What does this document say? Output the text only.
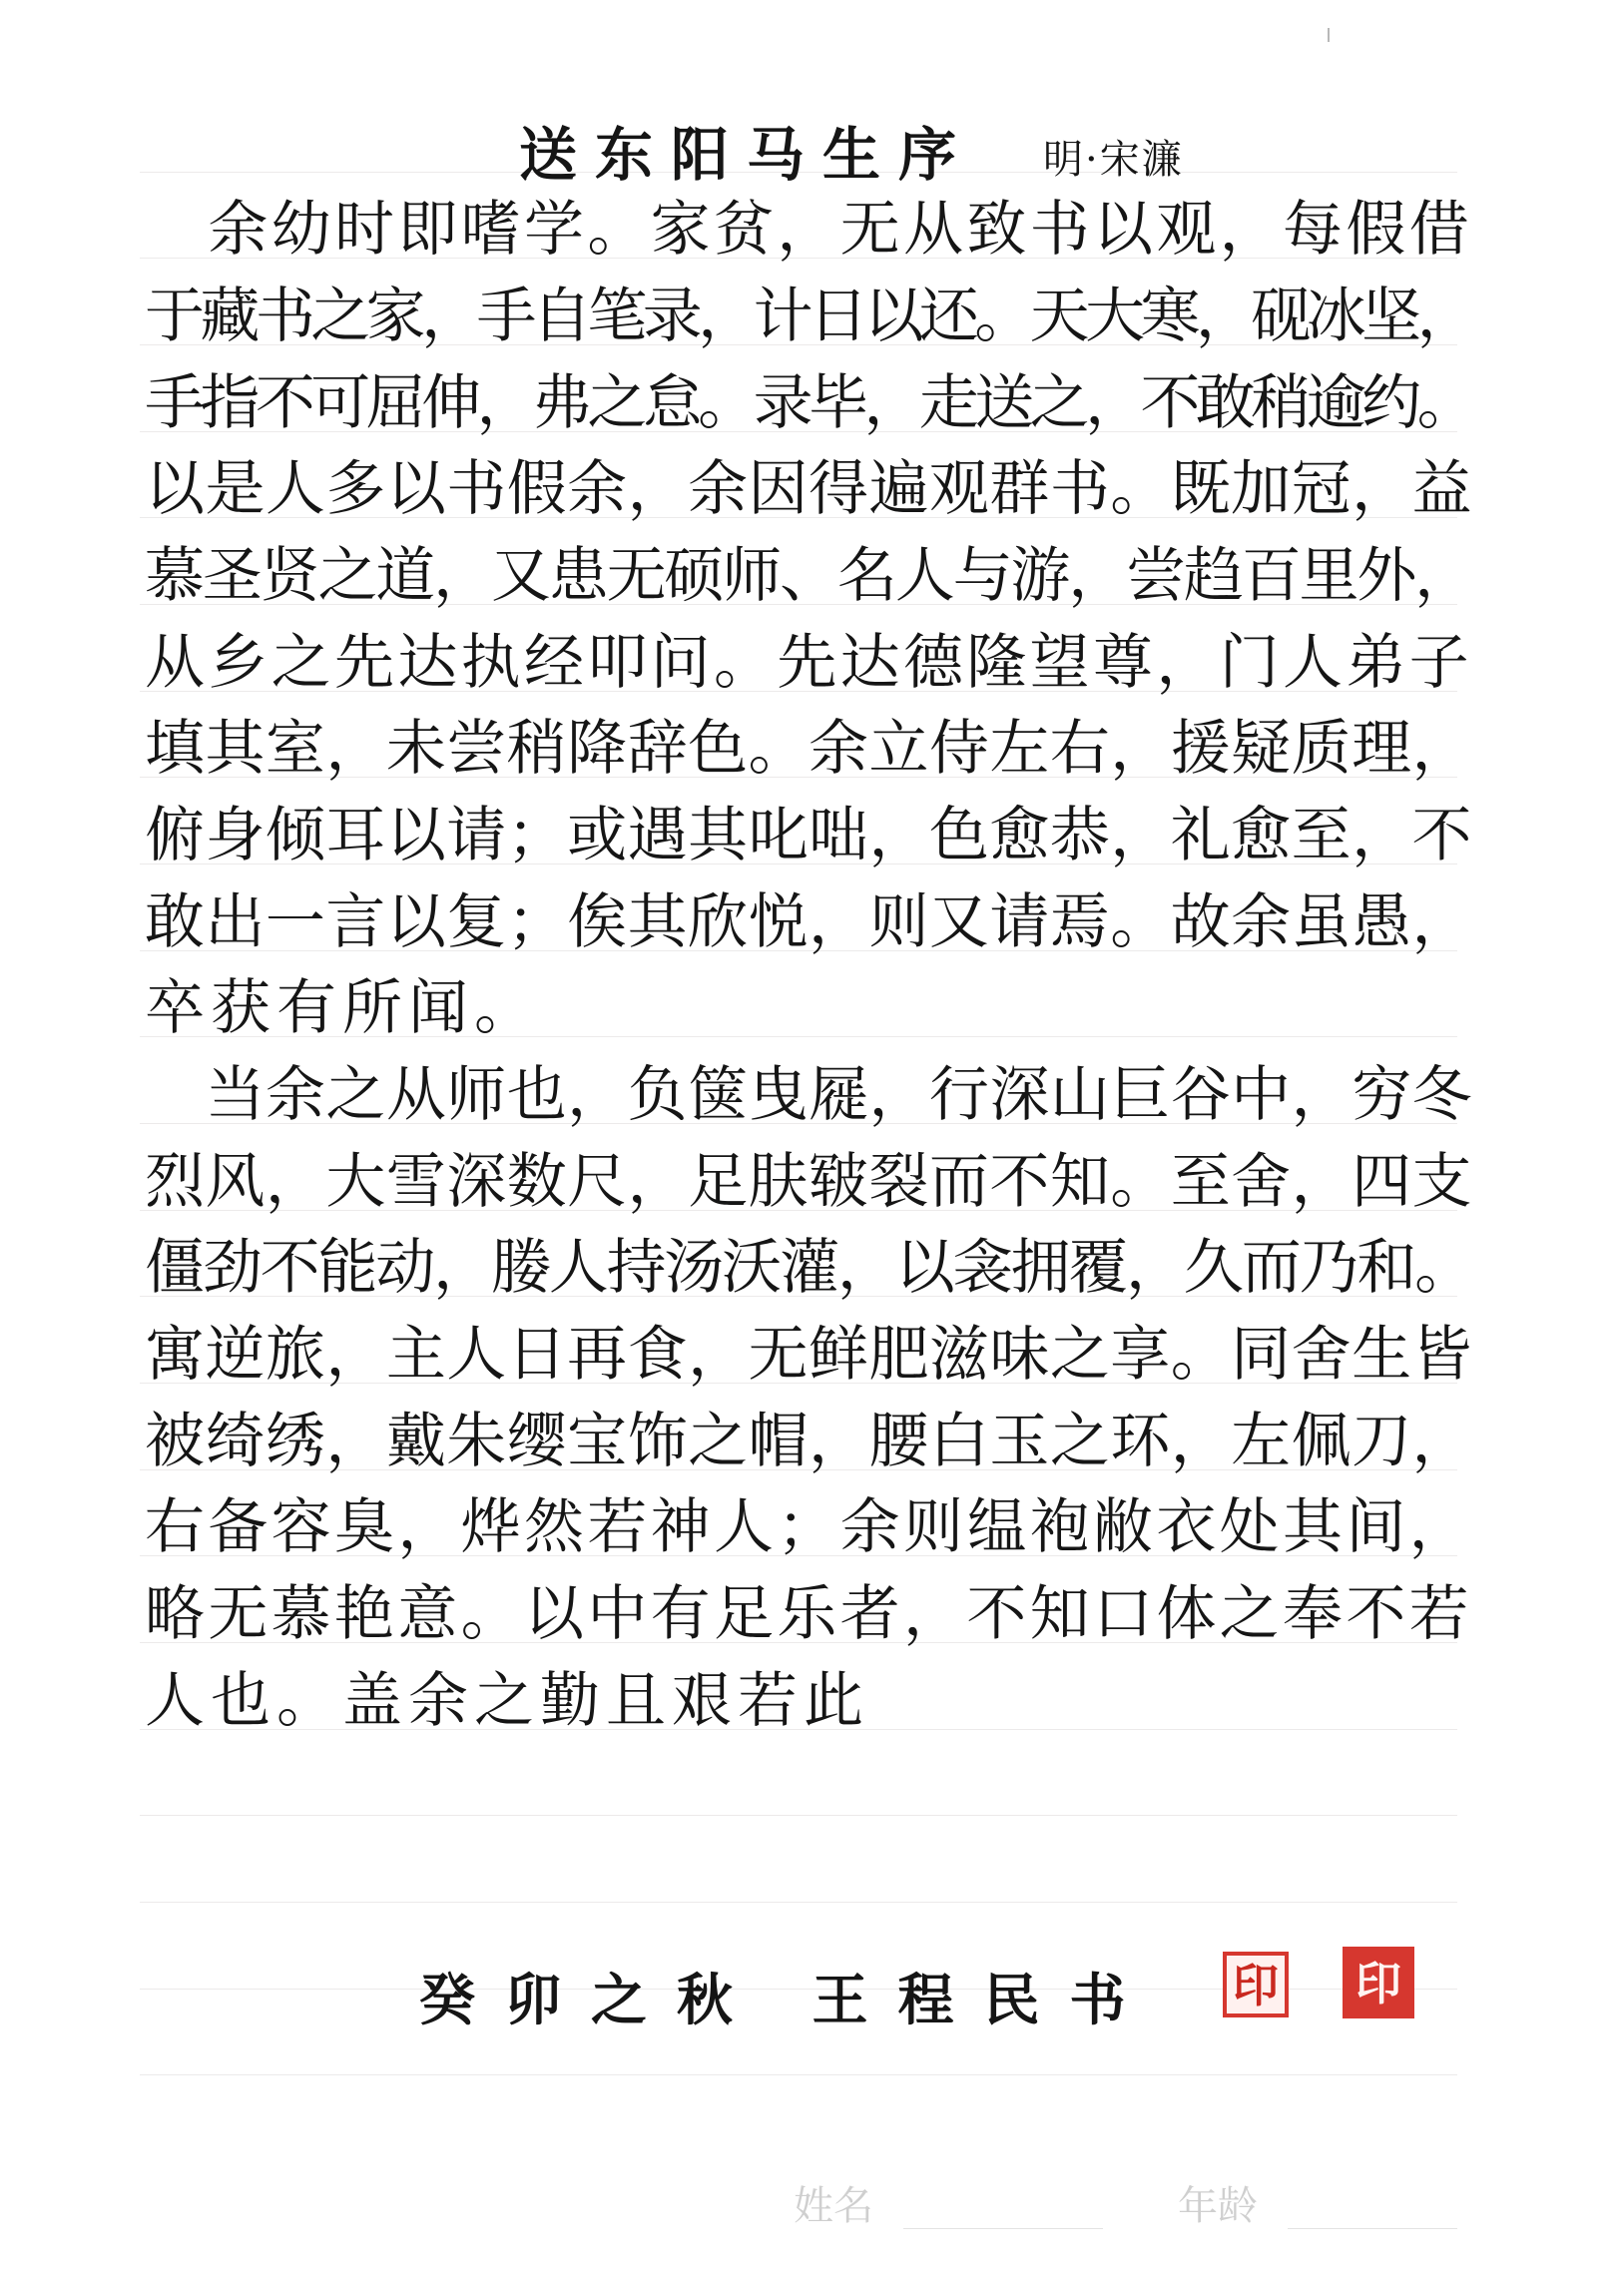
送东阳马生序 明·宋濂
　余幼时即嗜学。家贫，无从致书以观，每假借
于藏书之家，手自笔录，计日以还。天大寒，砚冰坚，
手指不可屈伸，弗之怠。录毕，走送之，不敢稍逾约。
以是人多以书假余，余因得遍观群书。既加冠，益
慕圣贤之道，又患无硕师、名人与游，尝趋百里外，
从乡之先达执经叩问。先达德隆望尊，门人弟子
填其室，未尝稍降辞色。余立侍左右，援疑质理，
俯身倾耳以请；或遇其叱咄，色愈恭，礼愈至，不
敢出一言以复；俟其欣悦，则又请焉。故余虽愚，
卒获有所闻。
　当余之从师也，负箧曳屣，行深山巨谷中，穷冬
烈风，大雪深数尺，足肤皲裂而不知。至舍，四支
僵劲不能动，媵人持汤沃灌，以衾拥覆，久而乃和。
寓逆旅，主人日再食，无鲜肥滋味之享。同舍生皆
被绮绣，戴朱缨宝饰之帽，腰白玉之环，左佩刀，
右备容臭，烨然若神人；余则缊袍敝衣处其间，
略无慕艳意。以中有足乐者，不知口体之奉不若
人也。盖余之勤且艰若此
癸卯之秋 王程民书 印 印
姓名	年龄
